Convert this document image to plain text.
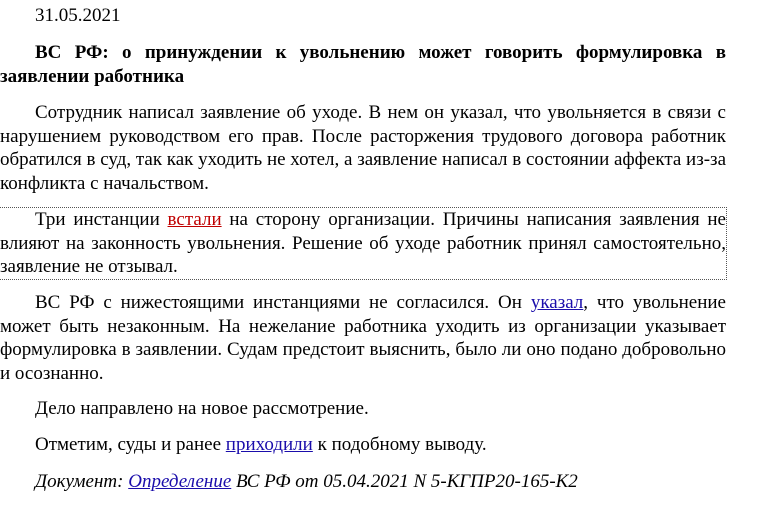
31.05.2021
ВС РФ: о принуждении к увольнению может говорить формулировка в заявлении работника
Сотрудник написал заявление об уходе. В нем он указал, что увольняется в связи с нарушением руководством его прав. После расторжения трудового договора работник обратился в суд, так как уходить не хотел, а заявление написал в состоянии аффекта из-за конфликта с начальством.
Три инстанции встали на сторону организации. Причины написания заявления не влияют на законность увольнения. Решение об уходе работник принял самостоятельно, заявление не отзывал.
ВС РФ с нижестоящими инстанциями не согласился. Он указал, что увольнение может быть незаконным. На нежелание работника уходить из организации указывает формулировка в заявлении. Судам предстоит выяснить, было ли оно подано добровольно и осознанно.
Дело направлено на новое рассмотрение.
Отметим, суды и ранее приходили к подобному выводу.
Документ: Определение ВС РФ от 05.04.2021 N 5-КГПР20-165-К2
